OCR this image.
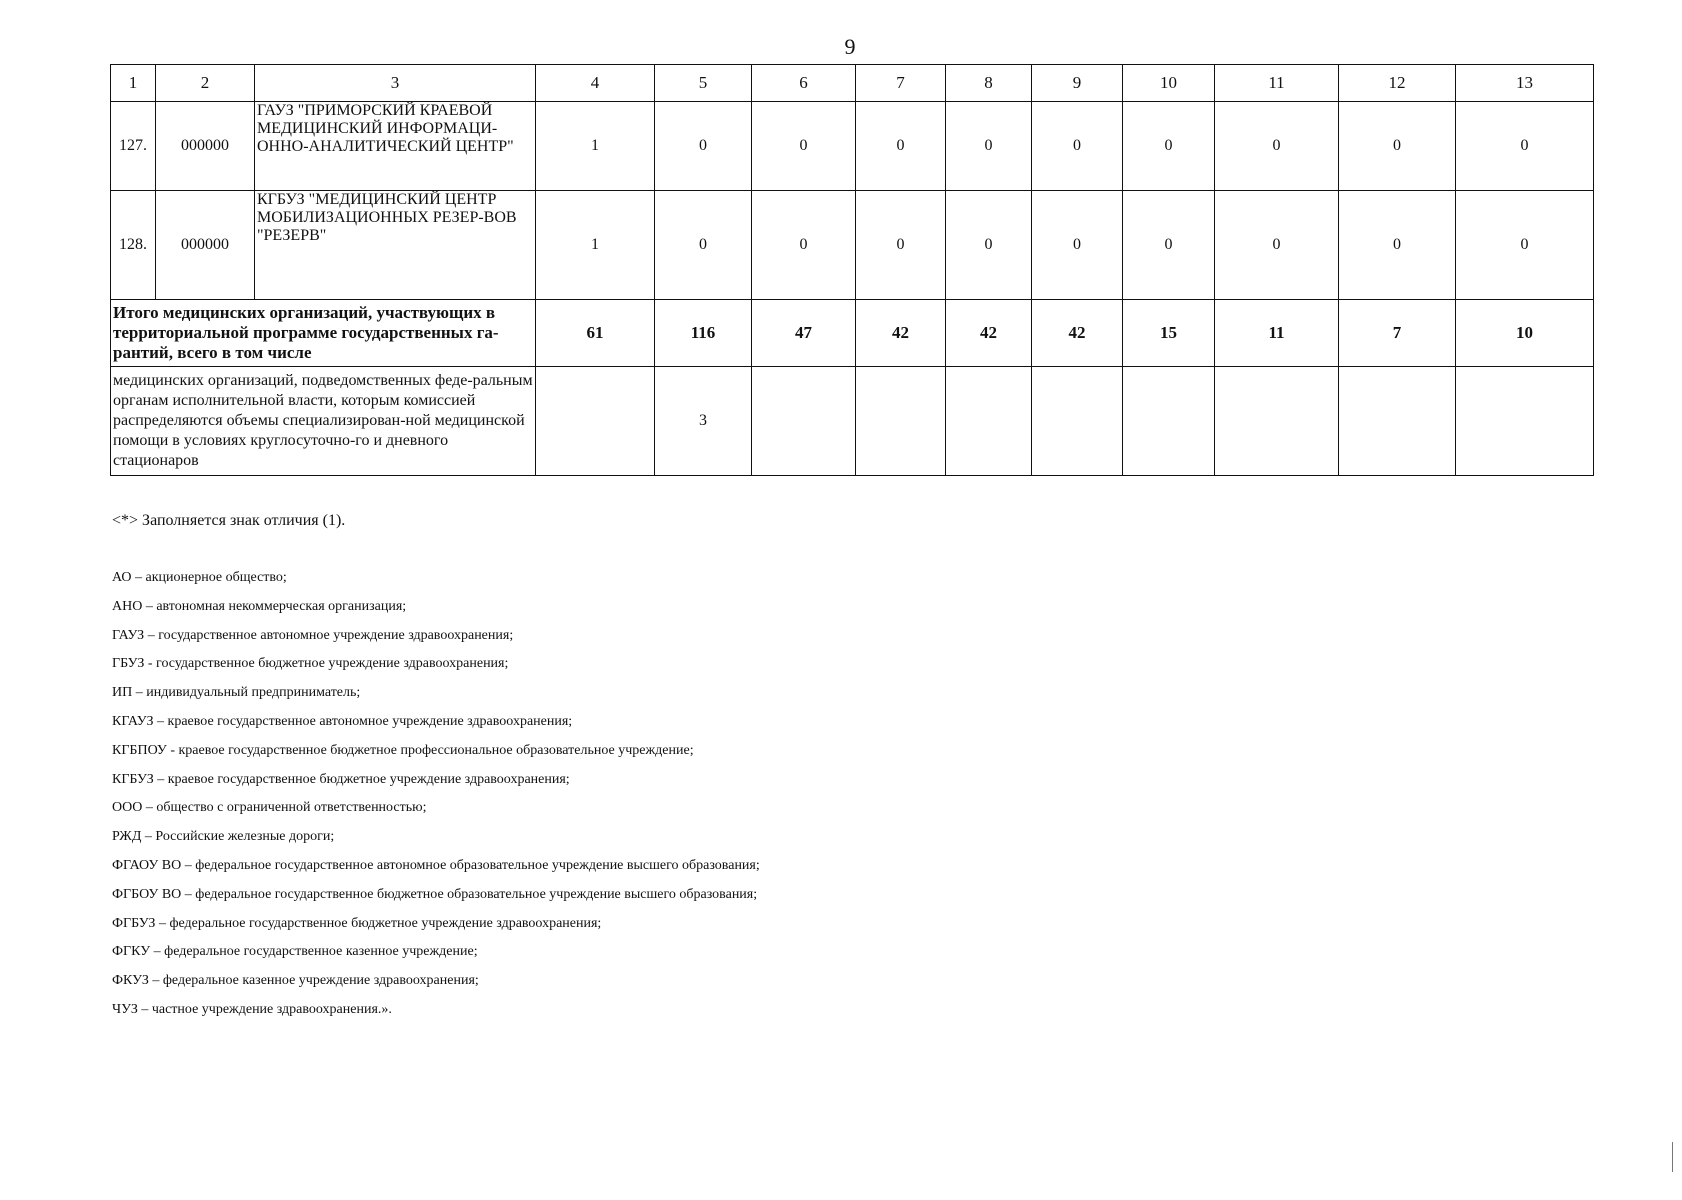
9
1	2	3	4	5	6	7	8	9	10	11	12	13
127.	000000	ГАУЗ "ПРИМОРСКИЙ КРАЕВОЙ МЕДИЦИНСКИЙ ИНФОРМАЦИ-ОННО-АНАЛИТИЧЕСКИЙ ЦЕНТР"	1	0	0	0	0	0	0	0	0	0
128.	000000	КГБУЗ "МЕДИЦИНСКИЙ ЦЕНТР МОБИЛИЗАЦИОННЫХ РЕЗЕР-ВОВ "РЕЗЕРВ"	1	0	0	0	0	0	0	0	0	0
Итого медицинских организаций, участвующих в территориальной программе государственных га-рантий, всего в том числе			61	116	47	42	42	42	15	11	7	10
медицинских организаций, подведомственных феде-ральным органам исполнительной власти, которым комиссией распределяются объемы специализирован-ной медицинской помощи в условиях круглосуточно-го и дневного стационаров				3								
<*> Заполняется знак отличия (1).
АО – акционерное общество;
АНО – автономная некоммерческая организация;
ГАУЗ – государственное автономное учреждение здравоохранения;
ГБУЗ - государственное бюджетное учреждение здравоохранения;
ИП – индивидуальный предприниматель;
КГАУЗ – краевое государственное автономное учреждение здравоохранения;
КГБПОУ - краевое государственное бюджетное профессиональное образовательное учреждение;
КГБУЗ – краевое государственное бюджетное учреждение здравоохранения;
ООО – общество с ограниченной ответственностью;
РЖД – Российские железные дороги;
ФГАОУ ВО – федеральное государственное автономное образовательное учреждение высшего образования;
ФГБОУ ВО – федеральное государственное бюджетное образовательное учреждение высшего образования;
ФГБУЗ – федеральное государственное бюджетное учреждение здравоохранения;
ФГКУ – федеральное государственное казенное учреждение;
ФКУЗ – федеральное казенное учреждение здравоохранения;
ЧУЗ – частное учреждение здравоохранения.».
